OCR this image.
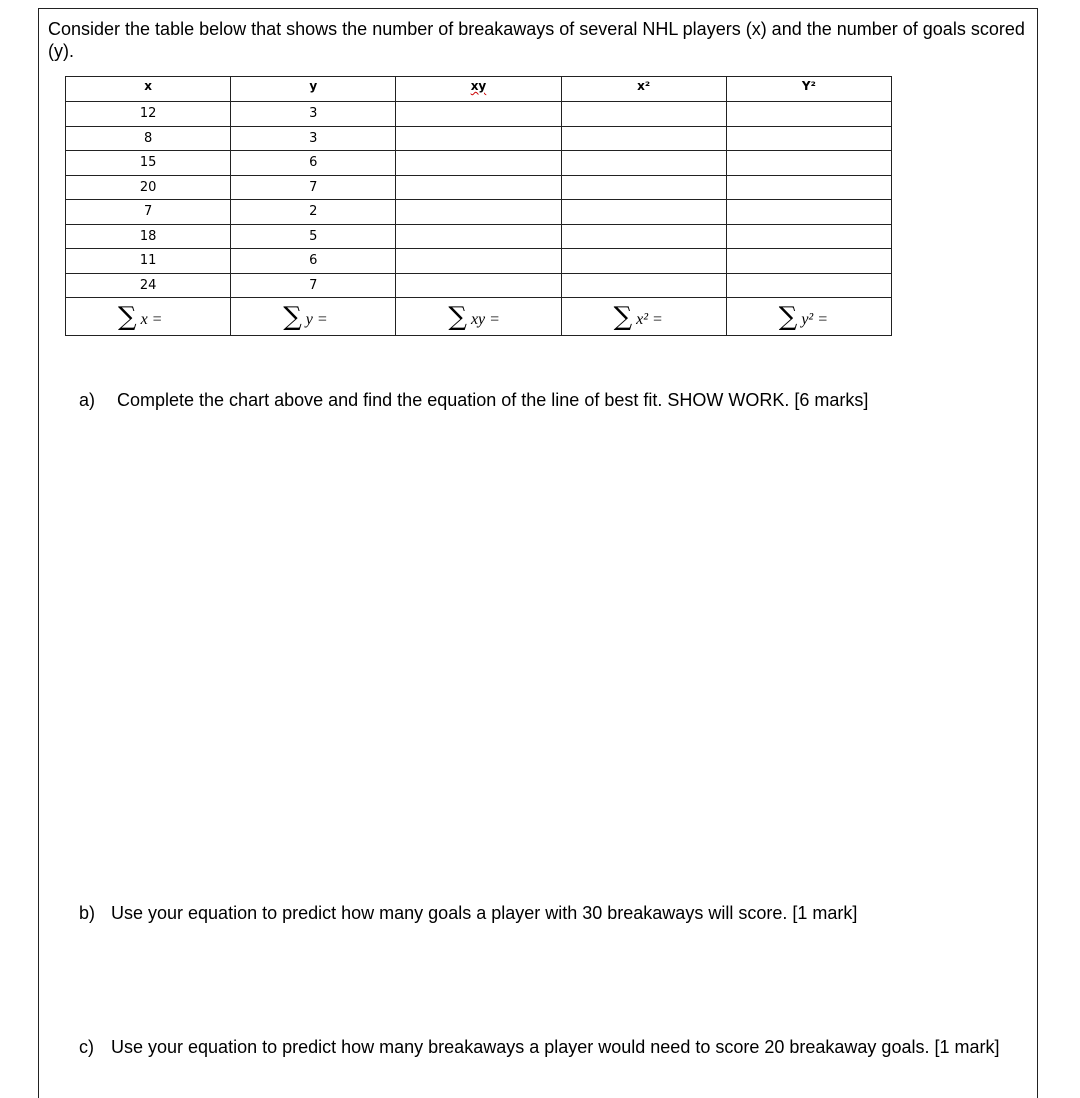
Consider the table below that shows the number of breakaways of several NHL players (x) and the number of goals scored (y).
x	y	xy	x²	Y²
12	3			
8	3			
15	6			
20	7			
7	2			
18	5			
11	6			
24	7			
∑ x =	∑ y =	∑ xy =	∑ x² =	∑ y² =
a) Complete the chart above and find the equation of the line of best fit. SHOW WORK. [6 marks]
b) Use your equation to predict how many goals a player with 30 breakaways will score. [1 mark]
c) Use your equation to predict how many breakaways a player would need to score 20 breakaway goals. [1 mark]
